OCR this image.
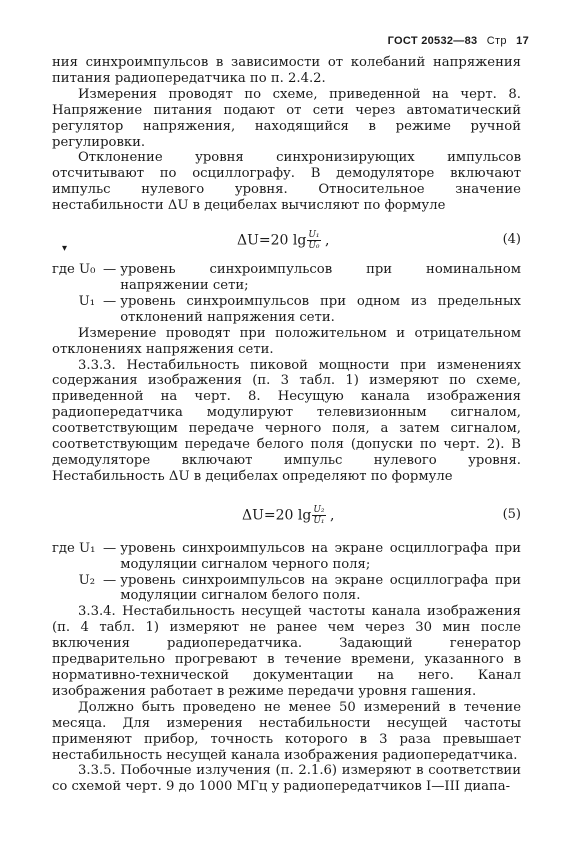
ГОСТ 20532—83 Стр 17
▾

ния синхроимпульсов в зависимости от колебаний напряжения питания радиопередатчика по п. 2.4.2.

Измерения проводят по схеме, приведенной на черт. 8. Напряжение питания подают от сети через автоматический регулятор напряжения, находящийся в режиме ручной регулировки.

Отклонение уровня синхронизирующих импульсов отсчитывают по осциллографу. В демодуляторе включают импульс нулевого уровня. Относительное значение нестабильности ΔU в децибелах вычисляют по формуле

ΔU=20 $\lg \frac{\text{U₁}}{\text{U₀}}$ ,	(4)
где U₀ — уровень синхроимпульсов при номинальном напряжении сети;
U₁ — уровень синхроимпульсов при одном из предельных отклонений напряжения сети.

Измерение проводят при положительном и отрицательном отклонениях напряжения сети.

3.3.3. Нестабильность пиковой мощности при изменениях содержания изображения (п. 3 табл. 1) измеряют по схеме, приведенной на черт. 8. Несущую канала изображения радиопередатчика модулируют телевизионным сигналом, соответствующим передаче черного поля, а затем сигналом, соответствующим передаче белого поля (допуски по черт. 2). В демодуляторе включают импульс нулевого уровня. Нестабильность ΔU в децибелах определяют по формуле

ΔU=20 $\lg \frac{\text{U₂}}{\text{U₁}}$ ,	(5)
где U₁ — уровень синхроимпульсов на экране осциллографа при модуляции сигналом черного поля;
U₂ — уровень синхроимпульсов на экране осциллографа при модуляции сигналом белого поля.

3.3.4. Нестабильность несущей частоты канала изображения (п. 4 табл. 1) измеряют не ранее чем через 30 мин после включения радиопередатчика. Задающий генератор предварительно прогревают в течение времени, указанного в нормативно-технической документации на него. Канал изображения работает в режиме передачи уровня гашения.

Должно быть проведено не менее 50 измерений в течение месяца. Для измерения нестабильности несущей частоты применяют прибор, точность которого в 3 раза превышает нестабильность несущей канала изображения радиопередатчика.

3.3.5. Побочные излучения (п. 2.1.6) измеряют в соответствии со схемой черт. 9 до 1000 МГц у радиопередатчиков I—III диапа-
